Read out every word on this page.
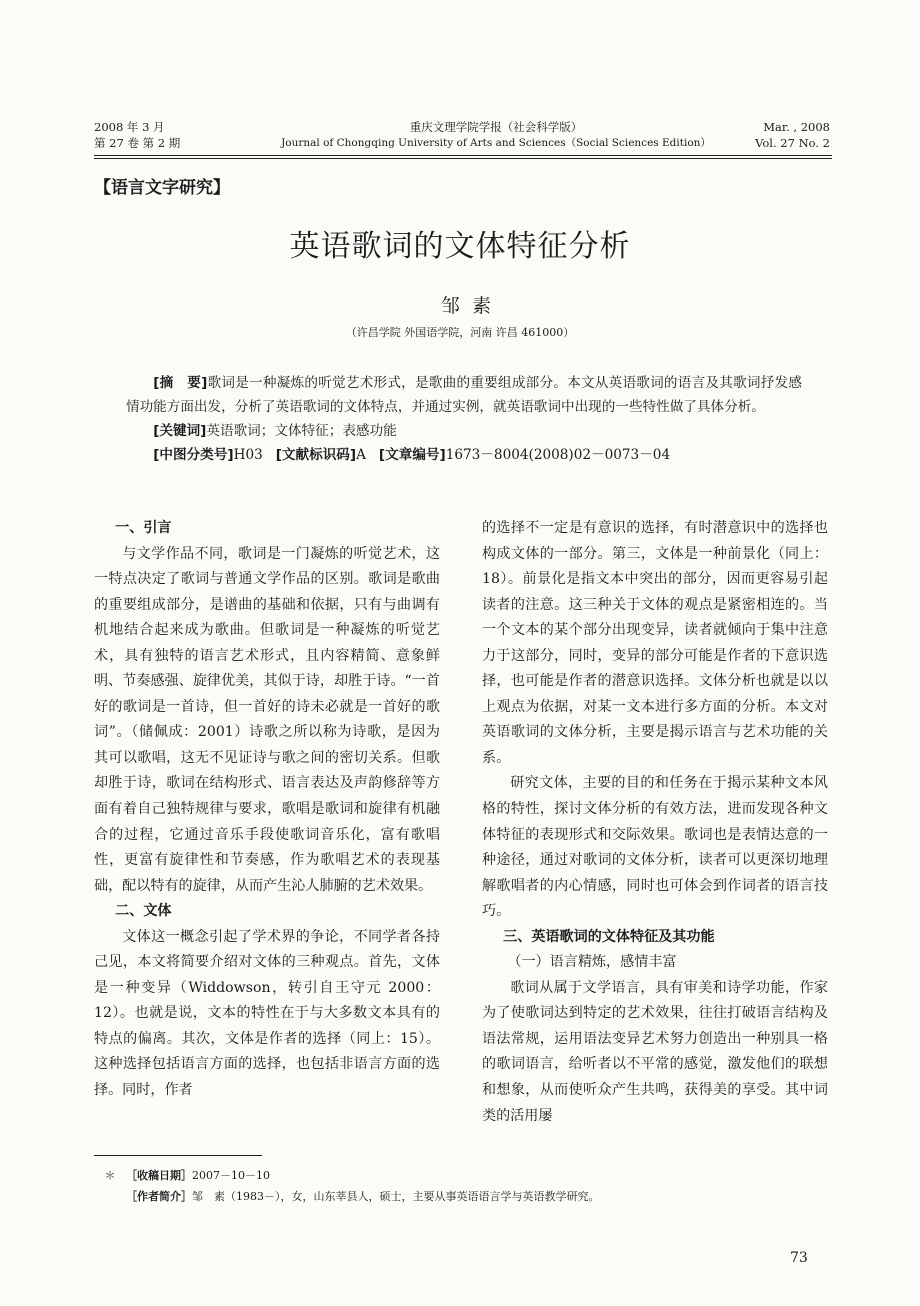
2008 年 3 月
第 27 卷 第 2 期
重庆文理学院学报（社会科学版）
Journal of Chongqing University of Arts and Sciences（Social Sciences Edition）
Mar. , 2008
Vol. 27 No. 2
【语言文字研究】
英语歌词的文体特征分析
邹素
（许昌学院 外国语学院，河南 许昌 461000）

[摘　要]歌词是一种凝炼的听觉艺术形式，是歌曲的重要组成部分。本文从英语歌词的语言及其歌词抒发感情功能方面出发，分析了英语歌词的文体特点，并通过实例，就英语歌词中出现的一些特性做了具体分析。

[关键词]英语歌词；文体特征；表感功能

[中图分类号]H03 [文献标识码]A [文章编号]1673－8004(2008)02－0073－04

一、引言

与文学作品不同，歌词是一门凝炼的听觉艺术，这一特点决定了歌词与普通文学作品的区别。歌词是歌曲的重要组成部分，是谱曲的基础和依据，只有与曲调有机地结合起来成为歌曲。但歌词是一种凝炼的听觉艺术，具有独特的语言艺术形式，且内容精简、意象鲜明、节奏感强、旋律优美，其似于诗，却胜于诗。“一首好的歌词是一首诗，但一首好的诗未必就是一首好的歌词”。（储佩成：2001）诗歌之所以称为诗歌，是因为其可以歌唱，这无不见证诗与歌之间的密切关系。但歌却胜于诗，歌词在结构形式、语言表达及声韵修辞等方面有着自己独特规律与要求，歌唱是歌词和旋律有机融合的过程，它通过音乐手段使歌词音乐化，富有歌唱性，更富有旋律性和节奏感，作为歌唱艺术的表现基础，配以特有的旋律，从而产生沁人肺腑的艺术效果。

二、文体

文体这一概念引起了学术界的争论，不同学者各持己见，本文将简要介绍对文体的三种观点。首先，文体是一种变异（Widdowson，转引自王守元 2000：12）。也就是说，文本的特性在于与大多数文本具有的特点的偏离。其次，文体是作者的选择（同上：15）。这种选择包括语言方面的选择，也包括非语言方面的选择。同时，作者

的选择不一定是有意识的选择，有时潜意识中的选择也构成文体的一部分。第三，文体是一种前景化（同上：18）。前景化是指文本中突出的部分，因而更容易引起读者的注意。这三种关于文体的观点是紧密相连的。当一个文本的某个部分出现变异，读者就倾向于集中注意力于这部分，同时，变异的部分可能是作者的下意识选择，也可能是作者的潜意识选择。文体分析也就是以以上观点为依据，对某一文本进行多方面的分析。本文对英语歌词的文体分析，主要是揭示语言与艺术功能的关系。

研究文体，主要的目的和任务在于揭示某种文本风格的特性，探讨文体分析的有效方法，进而发现各种文体特征的表现形式和交际效果。歌词也是表情达意的一种途径，通过对歌词的文体分析，读者可以更深切地理解歌唱者的内心情感，同时也可体会到作词者的语言技巧。

三、英语歌词的文体特征及其功能

（一）语言精炼，感情丰富

歌词从属于文学语言，具有审美和诗学功能，作家为了使歌词达到特定的艺术效果，往往打破语言结构及语法常规，运用语法变异艺术努力创造出一种别具一格的歌词语言，给听者以不平常的感觉，激发他们的联想和想象，从而使听众产生共鸣，获得美的享受。其中词类的活用屡

＊ ［收稿日期］2007－10－10
［作者简介］邹　素（1983－），女，山东莘县人，硕士，主要从事英语语言学与英语教学研究。
73
